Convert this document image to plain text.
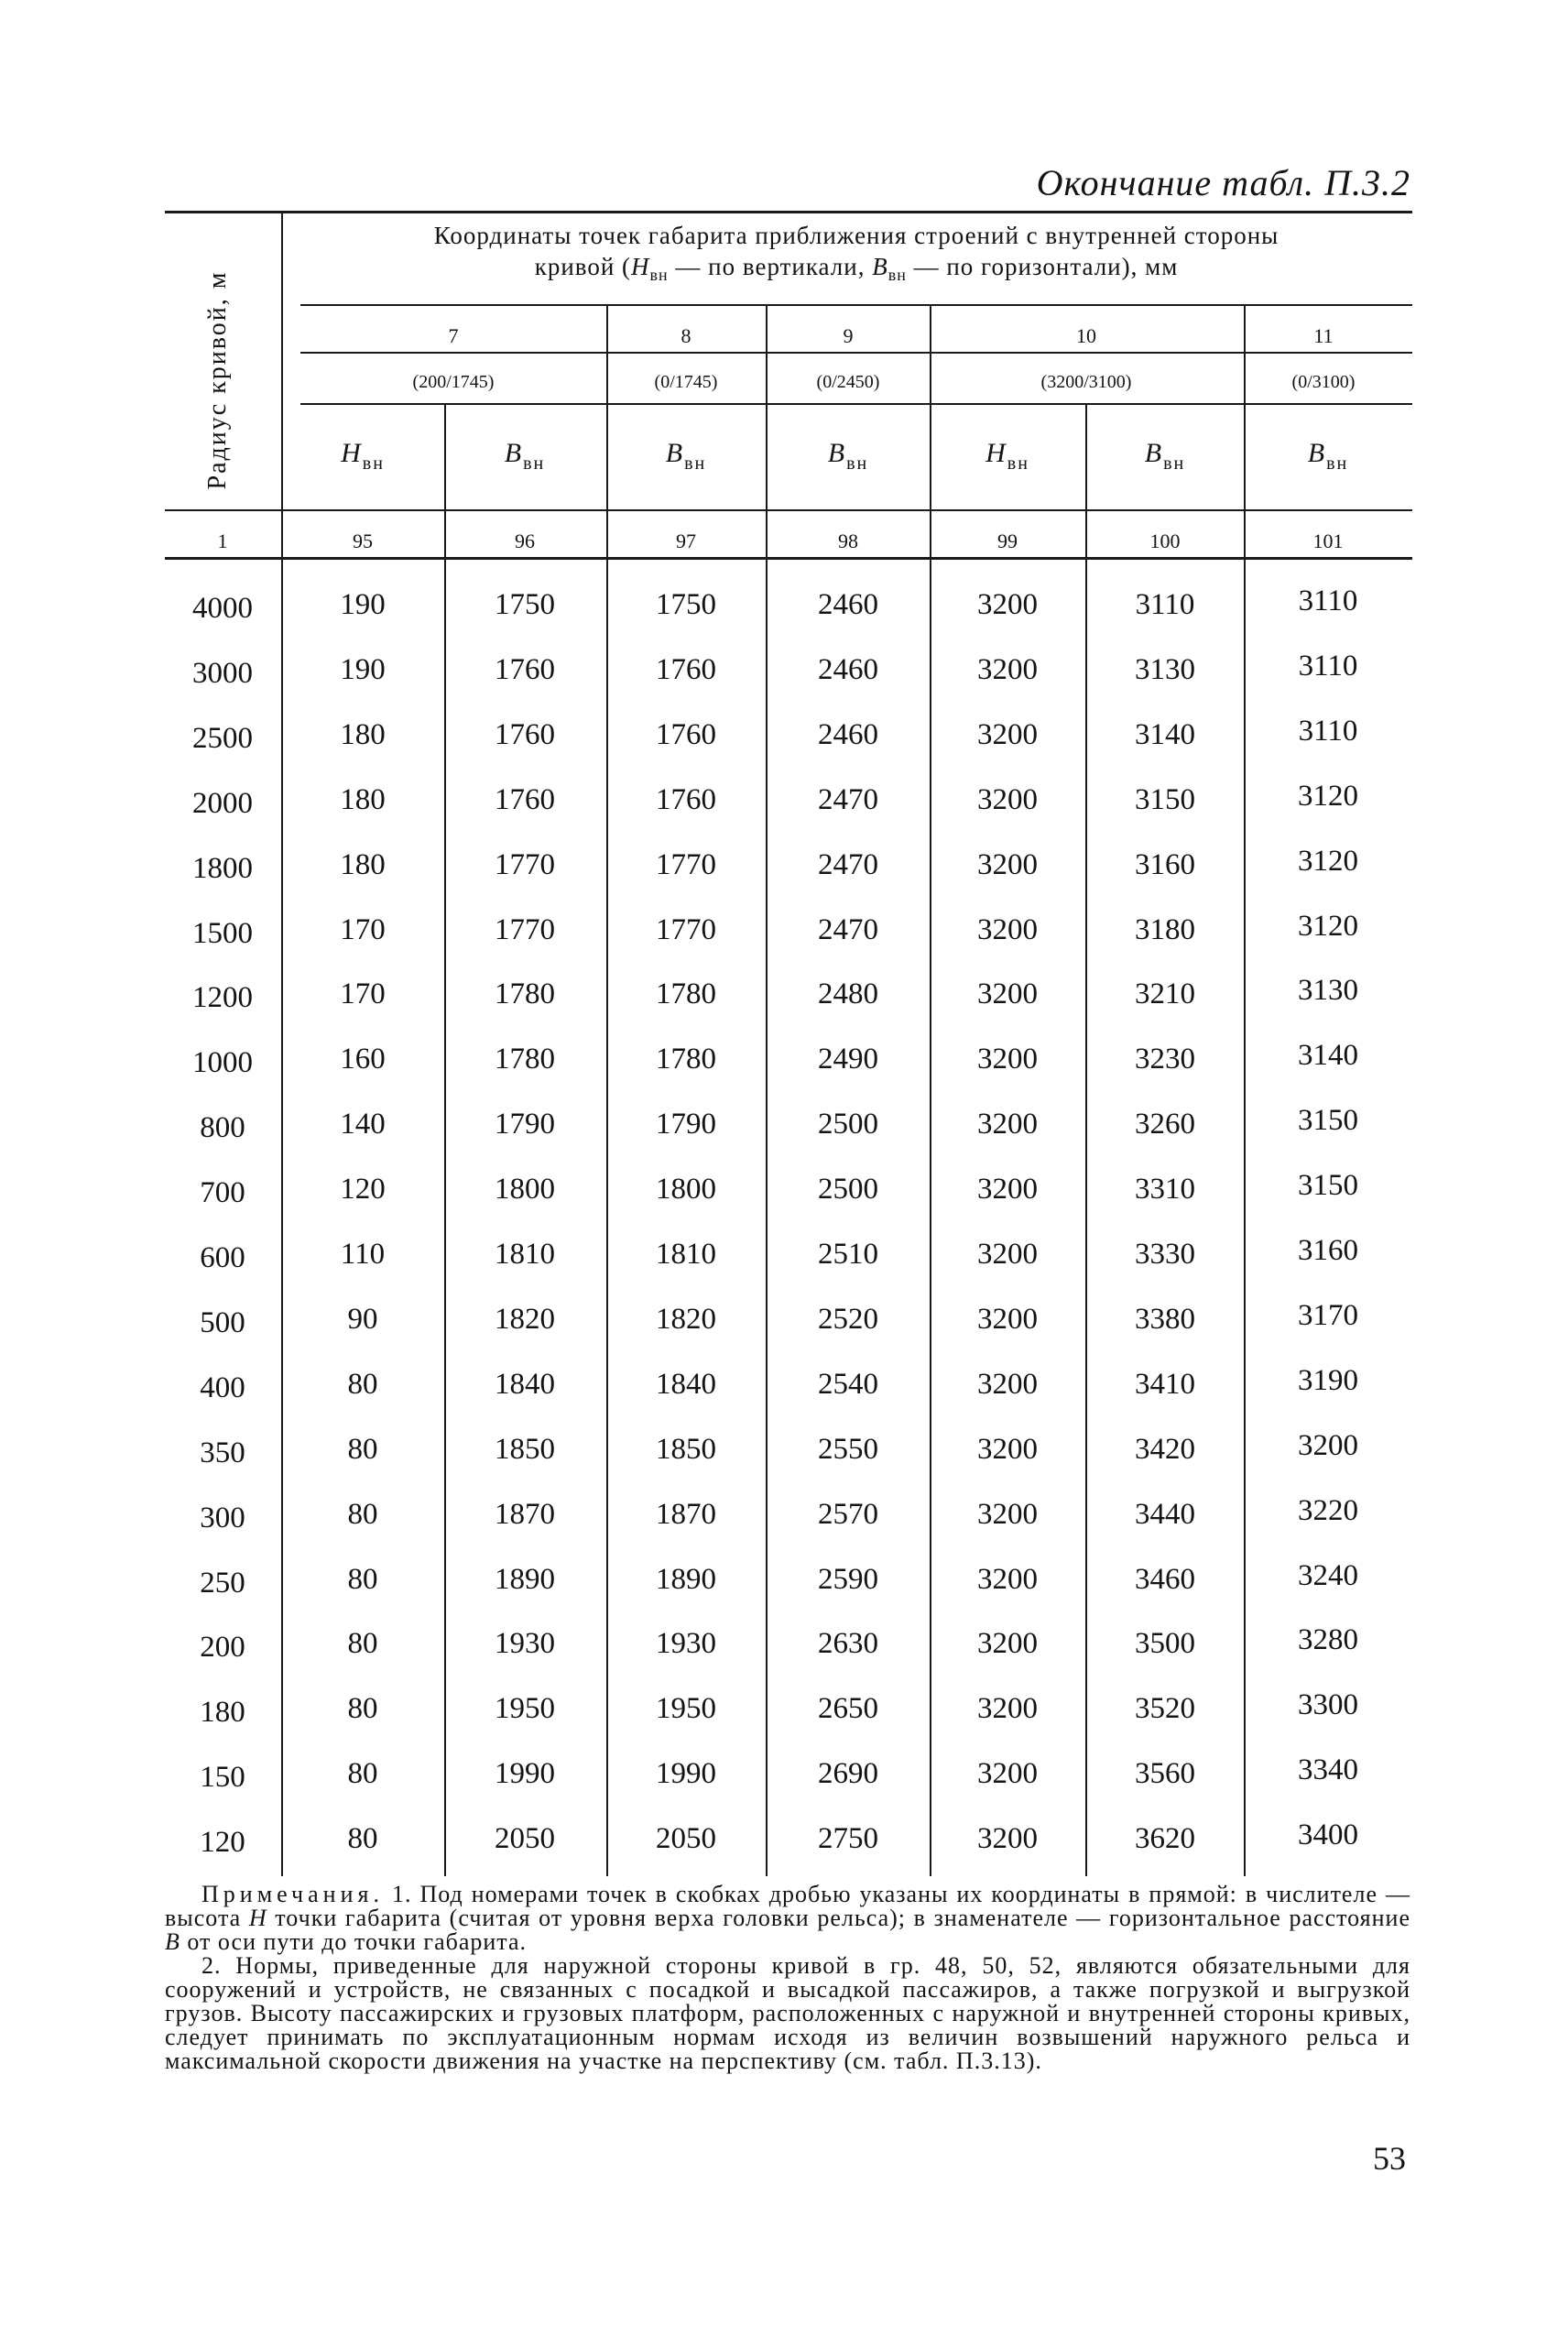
Окончание табл. П.3.2
Координаты точек габарита приближения строений с внутренней стороны
кривой ($H_{вн}$ — по вертикали, $B_{вн}$ — по горизонтали), мм
Радиус кривой, м	7	8	9	10	11
(200/1745)	(0/1745)	(0/2450)	(3200/3100)	(0/3100)
H $_{вн}$	B $_{вн}$	B $_{вн}$	B $_{вн}$	H $_{вн}$	B $_{вн}$	B $_{вн}$
1	95	96	97	98	99	100	101
4000	190	1750	1750	2460	3200	3110	3110
3000	190	1760	1760	2460	3200	3130	3110
2500	180	1760	1760	2460	3200	3140	3110
2000	180	1760	1760	2470	3200	3150	3120
1800	180	1770	1770	2470	3200	3160	3120
1500	170	1770	1770	2470	3200	3180	3120
1200	170	1780	1780	2480	3200	3210	3130
1000	160	1780	1780	2490	3200	3230	3140
800	140	1790	1790	2500	3200	3260	3150
700	120	1800	1800	2500	3200	3310	3150
600	110	1810	1810	2510	3200	3330	3160
500	90	1820	1820	2520	3200	3380	3170
400	80	1840	1840	2540	3200	3410	3190
350	80	1850	1850	2550	3200	3420	3200
300	80	1870	1870	2570	3200	3440	3220
250	80	1890	1890	2590	3200	3460	3240
200	80	1930	1930	2630	3200	3500	3280
180	80	1950	1950	2650	3200	3520	3300
150	80	1990	1990	2690	3200	3560	3340
120	80	2050	2050	2750	3200	3620	3400

Примечания. 1. Под номерами точек в скобках дробью указаны их координаты в прямой: в числителе — высота H точки габарита (считая от уровня верха головки рельса); в знаменателе — горизонтальное расстояние B от оси пути до точки габарита.

2. Нормы, приведенные для наружной стороны кривой в гр. 48, 50, 52, являются обязательными для сооружений и устройств, не связанных с посадкой и высадкой пассажиров, а также погрузкой и выгрузкой грузов. Высоту пассажирских и грузовых платформ, расположенных с наружной и внутренней стороны кривых, следует принимать по эксплуатационным нормам исходя из величин возвышений наружного рельса и максимальной скорости движения на участке на перспективу (см. табл. П.3.13).

53
